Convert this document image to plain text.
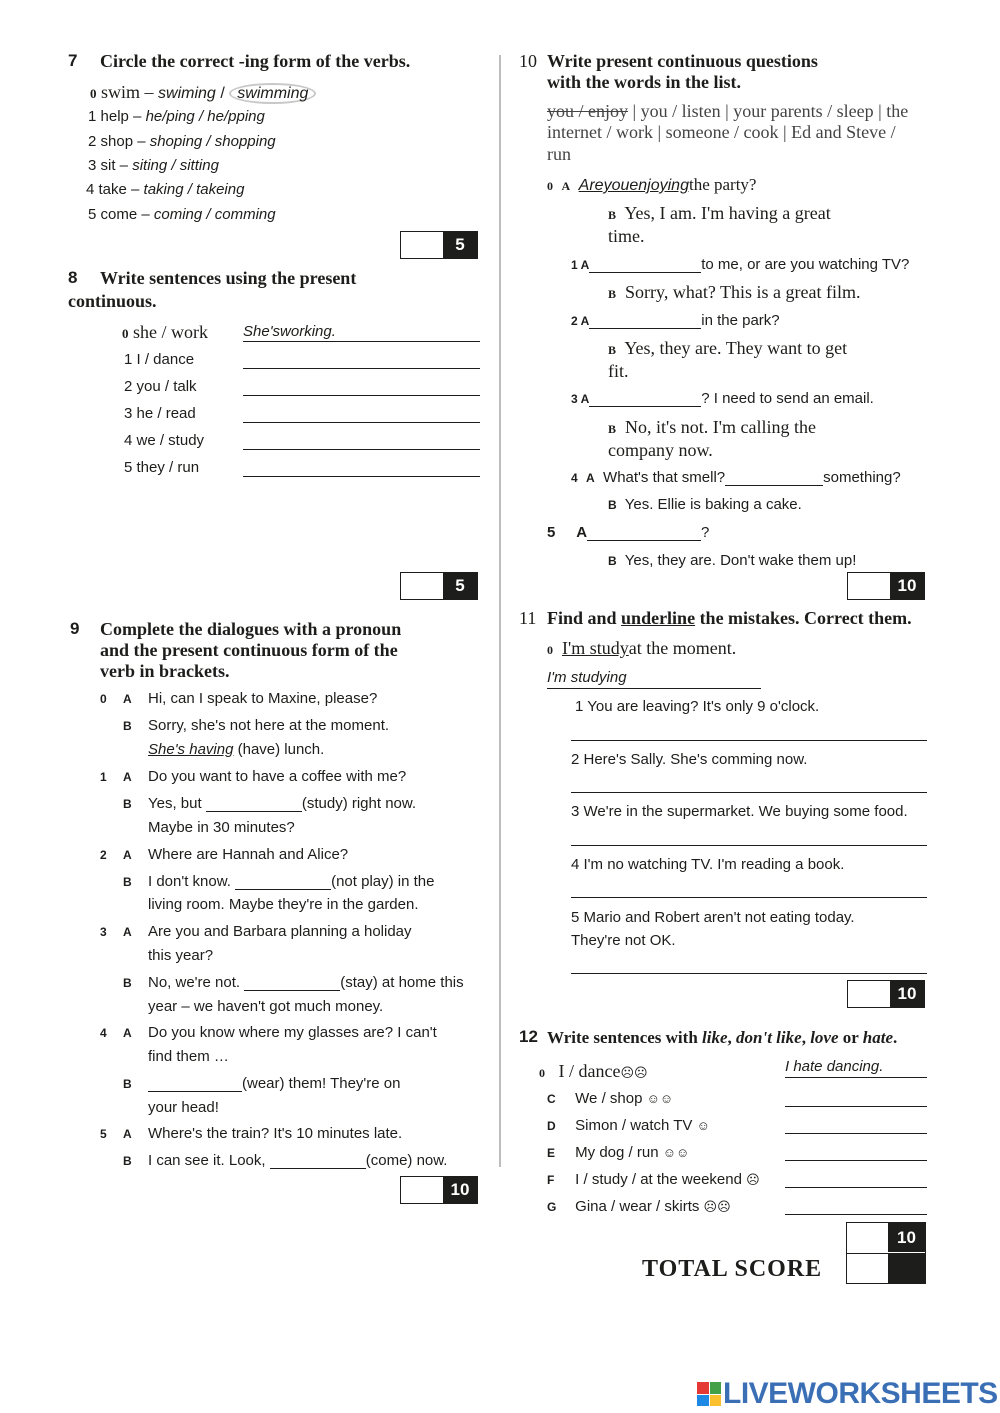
7 Circle the correct -ing form of the verbs.
0 swim – swiming / swimming
1 help – he/ping / he/pping
2 shop – shoping / shopping
3 sit – siting / sitting
4 take – taking / takeing
5 come – coming / comming
5
8 Write sentences using the present
continuous.
0 she / work She'sworking.
1 I / dance
2 you / talk
3 he / read
4 we / study
5 they / run
5
9 Complete the dialogues with a pronoun
and the present continuous form of the
verb in brackets.
0 A Hi, can I speak to Maxine, please?
B Sorry, she's not here at the moment.
She's having (have) lunch.
1 A Do you want to have a coffee with me?
B Yes, but	(study) right now.
Maybe in 30 minutes?
2 A Where are Hannah and Alice?
B I don't know.	(not play) in the
living room. Maybe they're in the garden.
3 A Are you and Barbara planning a holiday
this year?
B No, we're not.	(stay) at home this
year – we haven't got much money.
4 A Do you know where my glasses are? I can't
find them …
B	(wear) them! They're on
your head!
5 A Where's the train? It's 10 minutes late.
B I can see it. Look,	(come) now.
10
10 Write present continuous questions
with the words in the list.
you / enjoy | you / listen | your parents / sleep | the
internet / work | someone / cook | Ed and Steve /
run
0 A Areyouenjoyingthe party?
B Yes, I am. I'm having a great
time.
1 A	to me, or are you watching TV?
B Sorry, what? This is a great film.
2 A	in the park?
B Yes, they are. They want to get
fit.
3 A	? I need to send an email.
B No, it's not. I'm calling the
company now.
4 A What's that smell?	something?
B Yes. Ellie is baking a cake.
5 A	?
B Yes, they are. Don't wake them up!
10
11 Find and underline the mistakes. Correct them.
0 I'm studyat the moment.
I'm studying
1 You are leaving? It's only 9 o'clock.
2 Here's Sally. She's comming now.
3 We're in the supermarket. We buying some food.
4 I'm no watching TV. I'm reading a book.
5 Mario and Robert aren't not eating today.
They're not OK.
10
12 Write sentences with like, don't like, love or hate.
0 I / dance☹☹	I hate dancing.
C We / shop ☺☺
D Simon / watch TV ☺
E My dog / run ☺☺
F I / study / at the weekend ☹
G Gina / wear / skirts ☹☹
TOTAL SCORE
10
LIVEWORKSHEETS
